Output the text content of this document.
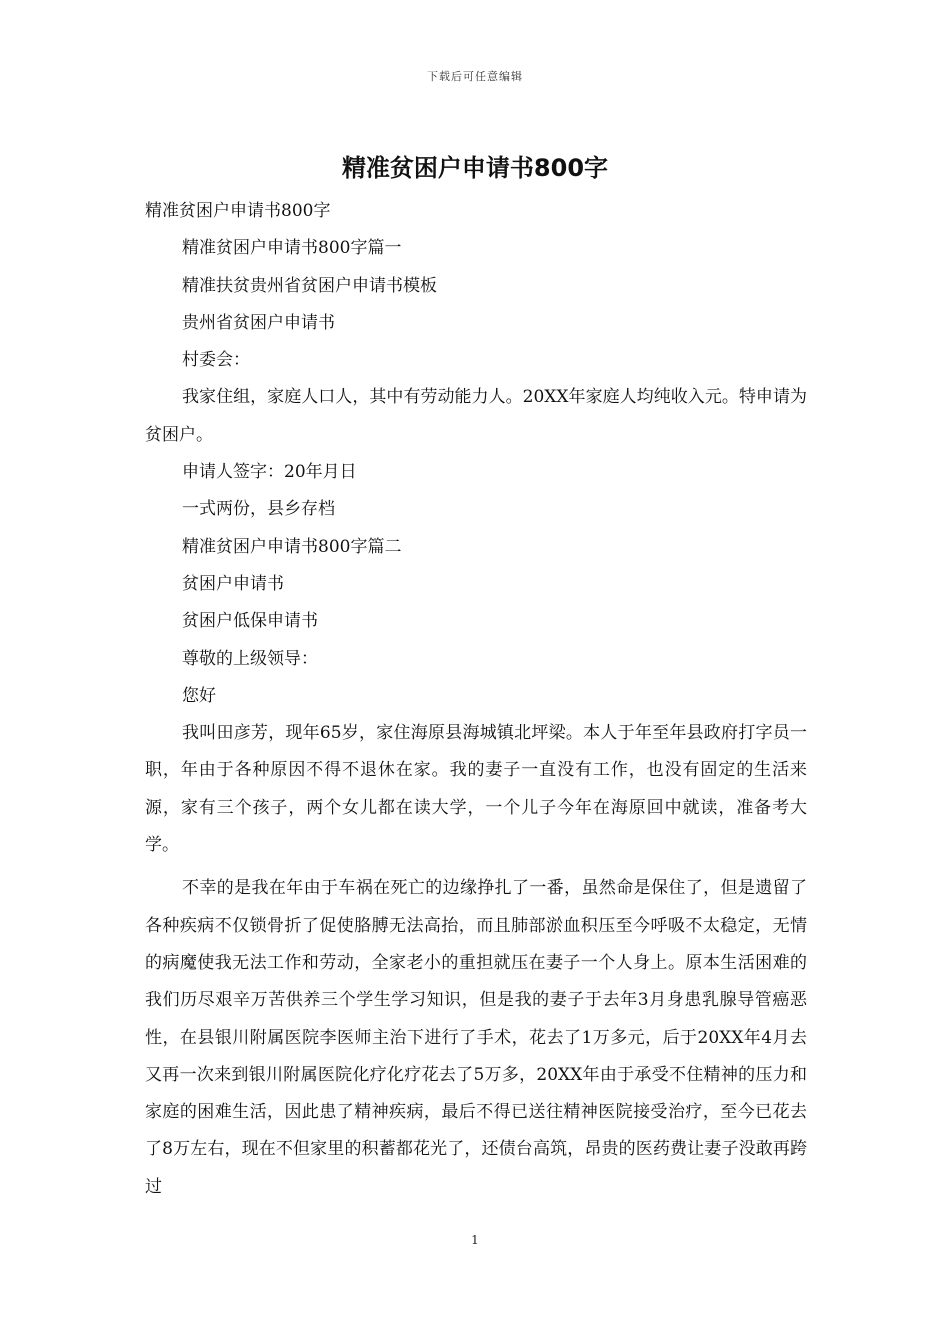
下载后可任意编辑
精准贫困户申请书800字

精准贫困户申请书800字

精准贫困户申请书800字篇一

精准扶贫贵州省贫困户申请书模板

贵州省贫困户申请书

村委会：

我家住组，家庭人口人，其中有劳动能力人。20XX年家庭人均纯收入元。特申请为贫困户。

申请人签字：20年月日

一式两份，县乡存档

精准贫困户申请书800字篇二

贫困户申请书

贫困户低保申请书

尊敬的上级领导：

您好

我叫田彦芳，现年65岁，家住海原县海城镇北坪梁。本人于年至年县政府打字员一职，年由于各种原因不得不退休在家。我的妻子一直没有工作，也没有固定的生活来源，家有三个孩子，两个女儿都在读大学，一个儿子今年在海原回中就读，准备考大学。

不幸的是我在年由于车祸在死亡的边缘挣扎了一番，虽然命是保住了，但是遗留了各种疾病不仅锁骨折了促使胳膊无法高抬，而且肺部淤血积压至今呼吸不太稳定，无情的病魔使我无法工作和劳动，全家老小的重担就压在妻子一个人身上。原本生活困难的我们历尽艰辛万苦供养三个学生学习知识，但是我的妻子于去年3月身患乳腺导管癌恶性，在县银川附属医院李医师主治下进行了手术，花去了1万多元，后于20XX年4月去又再一次来到银川附属医院化疗化疗花去了5万多，20XX年由于承受不住精神的压力和家庭的困难生活，因此患了精神疾病，最后不得已送往精神医院接受治疗，至今已花去了8万左右，现在不但家里的积蓄都花光了，还债台高筑，昂贵的医药费让妻子没敢再跨过

1
